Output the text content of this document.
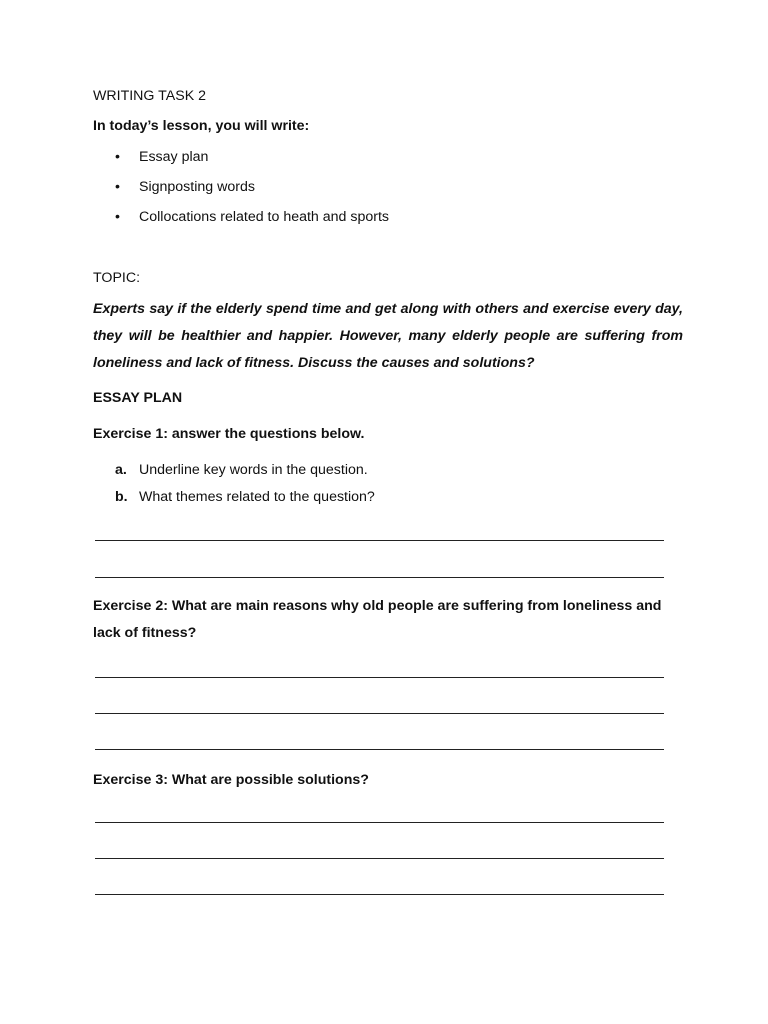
WRITING TASK 2
In today’s lesson, you will write:
•	Essay plan
•	Signposting words
•	Collocations related to heath and sports
TOPIC:
Experts say if the elderly spend time and get along with others and exercise every day, they will be healthier and happier. However, many elderly people are suffering from loneliness and lack of fitness. Discuss the causes and solutions?
ESSAY PLAN
Exercise 1: answer the questions below.
a. Underline key words in the question.
b. What themes related to the question?
Exercise 2: What are main reasons why old people are suffering from loneliness and lack of fitness?
Exercise 3: What are possible solutions?
